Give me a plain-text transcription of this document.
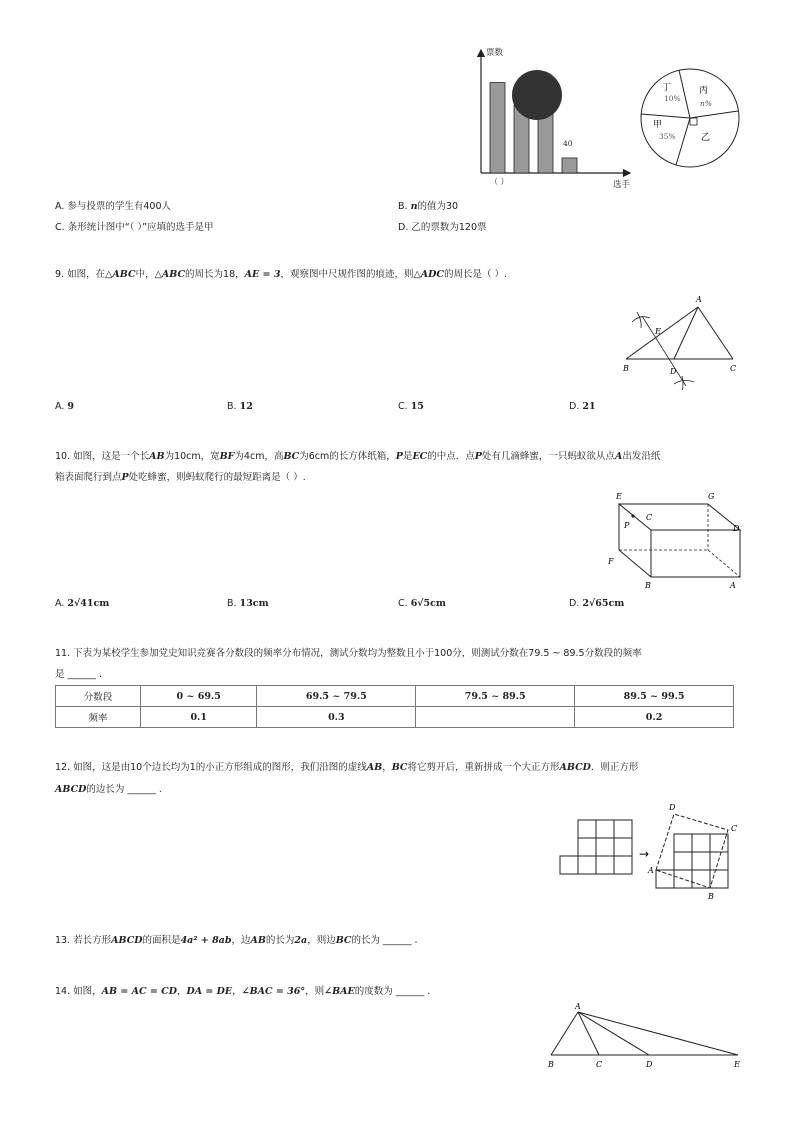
票数
40
（ ）	选手
丁
10%
丙
n%
甲
35%	乙
A. 参与投票的学生有400人	B. n的值为30
C. 条形统计图中“（ ）”应填的选手是甲	D. 乙的票数为120票
9. 如图，在△ABC中，△ABC的周长为18，AE = 3，观察图中尺规作图的痕迹，则△ADC的周长是（ ）.
A
E
B	D	C
A. 9	B. 12	C. 15	D. 21
10. 如图，这是一个长AB为10cm，宽BF为4cm，高BC为6cm的长方体纸箱，P是EC的中点．点P处有几滴蜂蜜，一只蚂蚁欲从点A出发沿纸
箱表面爬行到点P处吃蜂蜜，则蚂蚁爬行的最短距离是（ ）.
E	G
C
P	D
F
B	A
A. 2√41cm	B. 13cm	C. 6√5cm	D. 2√65cm
11. 下表为某校学生参加党史知识竞赛各分数段的频率分布情况，测试分数均为整数且小于100分，则测试分数在79.5 ~ 89.5分数段的频率
是 ______ .
分数段	0 ~ 69.5	69.5 ~ 79.5	79.5 ~ 89.5	89.5 ~ 99.5
频率	0.1	0.3		0.2
12. 如图，这是由10个边长均为1的小正方形组成的图形，我们沿图的虚线AB，BC将它剪开后，重新拼成一个大正方形ABCD．则正方形
ABCD的边长为 ______ .
→
D
C
A
B
13. 若长方形ABCD的面积是4a² + 8ab，边AB的长为2a，则边BC的长为 ______ .
14. 如图，AB = AC = CD，DA = DE，∠BAC = 36°，则∠BAE的度数为 ______ .
A
B	C	D	E
